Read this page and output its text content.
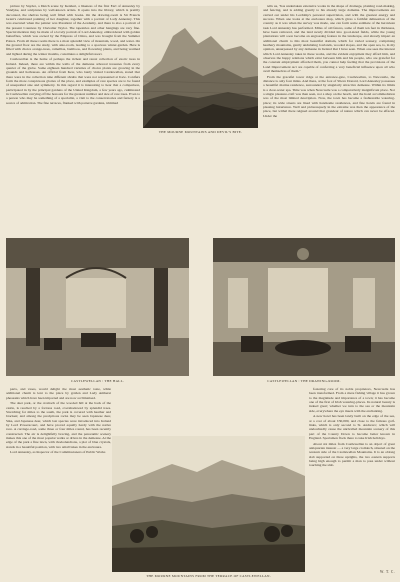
picture by Snyder, a Dutch scene by Kenhart, a likeness of the first Earl of Annesley by Vandyke, and sculptures by well-known artists. It opens into the library, which is prettily decorated, the shelves being well filled with books. On the drawing-room is Sir Francis Grant's celebrated painting of her daughter, together with a portrait of Lady Annesley. This was executed when the painter was President of the Academy, and there is also a portrait of the present Countess by Chevalier Taylor. The tapestries and other hangings are very fine. Special mention may be made of a lovely portrait of Lord Annesley, embroidered with golden butterflies, which was owned by the Empress of China, and was brought from the Summer Palace. From all these rooms there is a most splendid view of mountain, wood, and water. On the ground floor are the study, with ante-room, leading to a spacious winter-garden. Here is filled with choice orange-trees, camellias, bamboos, and flowering plants, and being warmed and lighted during the winter months, constitutes a delightful resort.

Castlewellan is the home of perhaps the richest and rarest collection of exotic trees in Ireland. Indeed, there are within the walls of the demesne arboreal treasures from every quarter of the globe. Some eighteen hundred varieties of choice plants are growing in the grounds and hothouses. An official from Kew, who lately visited Castlewellan, stated that there were in the collection nine different shrubs that were not represented at Kew. Conifers form the more conspicuous glories of the place, and examples of rare species are to be found of unequalled size and symmetry. In this regard it is interesting to hear that a comparison, participated in by the principal gardens of the United Kingdom, a few years ago, culminated in Castlewellan carrying off the honours for the greatest number and size of rare trees. Even to a person who may be something of a specialist, a visit to the conservatories and fernery is a source of admiration. The fine terraces, flanked with parterre gardens, trimmed

THE MOURNE MOUNTAINS AND DEVIL'S BITE.

tells us, "has undertaken extensive works in the shape of drainage, planting road-making, and fencing, and is adding greatly to his already large domains. The improvements are carried out under his Lordship's personal supervision, and with the greatest energy and success. When one looks at the enclosure map, which gives a faithful delineation of the country as it was when the survey was made, one can form some estimate of the herculean task Lord Annesley has performed. Miles of old fences, some of them ten feet in thickness, have been removed, and the land newly divided into good-sized fields, while the young plantations will soon become an engrossing feature in the landscape, and already impart an additional charm to this most beautiful domain, which for varied scenery, comprising heathery mountains, gently undulating lowlands, wooded slopes, and the open sea, is, in my opinion, unsurpassed by any demesne in Ireland that I have seen. When one sees the interest which Lord Annesley takes in these works, and the evident enjoyment they afford him, and observes the happy relations which exist between him and his people, who are grateful for the constant employment afforded them, you cannot help feeling that the provisions of the Land Improvement Act are capable of conferring a very beneficial influence upon all who avail themselves of them."

From the graceful tower ridge at the entrance-gate, Castlewellan, to Newcastle, the distance is only four miles. And there, at the foot of Slieve Donard, Lord Annesley possesses a beautiful marine residence, surrounded by singularly attractive demesne. Within its limits is a clear-water spa. Time was when Newcastle was a comparatively insignificant place. Not a single pleasure-craft was then seen, not a shop on the beach, and the hotel accommodation was of the most limited description. Now, the town has become a fashionable watering-place; its wide streets are lined with handsome residences, and fine hotels are found in pleasing luxuriance. Well and picturesquely in the extreme was then the appearance of the place, but withal there reigned around that grandeur of nature which can never be effaced. Under the

CASTLEWELLAN : THE HALL.	CASTLEWELLAN : THE DRAWING-ROOM.

parts, and vases, would delight the most aesthetic taste, while additional charm is lent to the place by golden and Lady Amherst pheasants which have been imported and are now acclimatised.

The deer park, or the cromach of the wooded hill at the back of the castle, is reached by a fortress road, overshadowed by splendid trees. Stretching for miles to the south, the park is covered with heather and bracken; and among the precipitous rocks may be seen Japanese deer, Sika, and Japanese deer, which last species were introduced into Ireland by Lord Powerscourt, and have proved equally hardy with the native race. A carriage-road, some three or four miles round, has been recently constructed. The air is delightfully bracing, and the panoramic scenery makes this one of the most popular walks or drives in the demesne. At the edge of the park a fine lawn, with rhododendrons, a plot of blue crystals, stands in a beautiful position, with two small lakes in the enclosure.

Lord Annesley, as Inspector of the Commissioners of Public Works

THE MOURNE MOUNTAINS FROM THE TERRACE OF CASTLEWELLAN.

fostering care of its noble proprietors, Newcastle has been transformed. From a mere fishing village it has grown to the magnitude and importance of a town; it has become one of the first of Irish watering-places. Its natural beauty is indeed great; whether we turn to the sea or the mountain side, everywhere the eye meets with the enchanting.

A new hotel has been lately built on the edge of the sea, at a cost of about £30,000, and close to the famous golf-links, which is only second to St. Andrews', which will undoubtedly cause the unrivalled mountain scenery of this part of the County Down to become better known in England. Sportsmen flock there to take Irish holidays.

About six miles from Castlewellan is an object of great antiquarian interest — a very large cromlech, situated on the western side of the Castlewellan Mountains. It is an oblong slab supported on three uprights, the two eastern supports being high enough to permit a man to pass under without touching the slab.

W. T. C.
